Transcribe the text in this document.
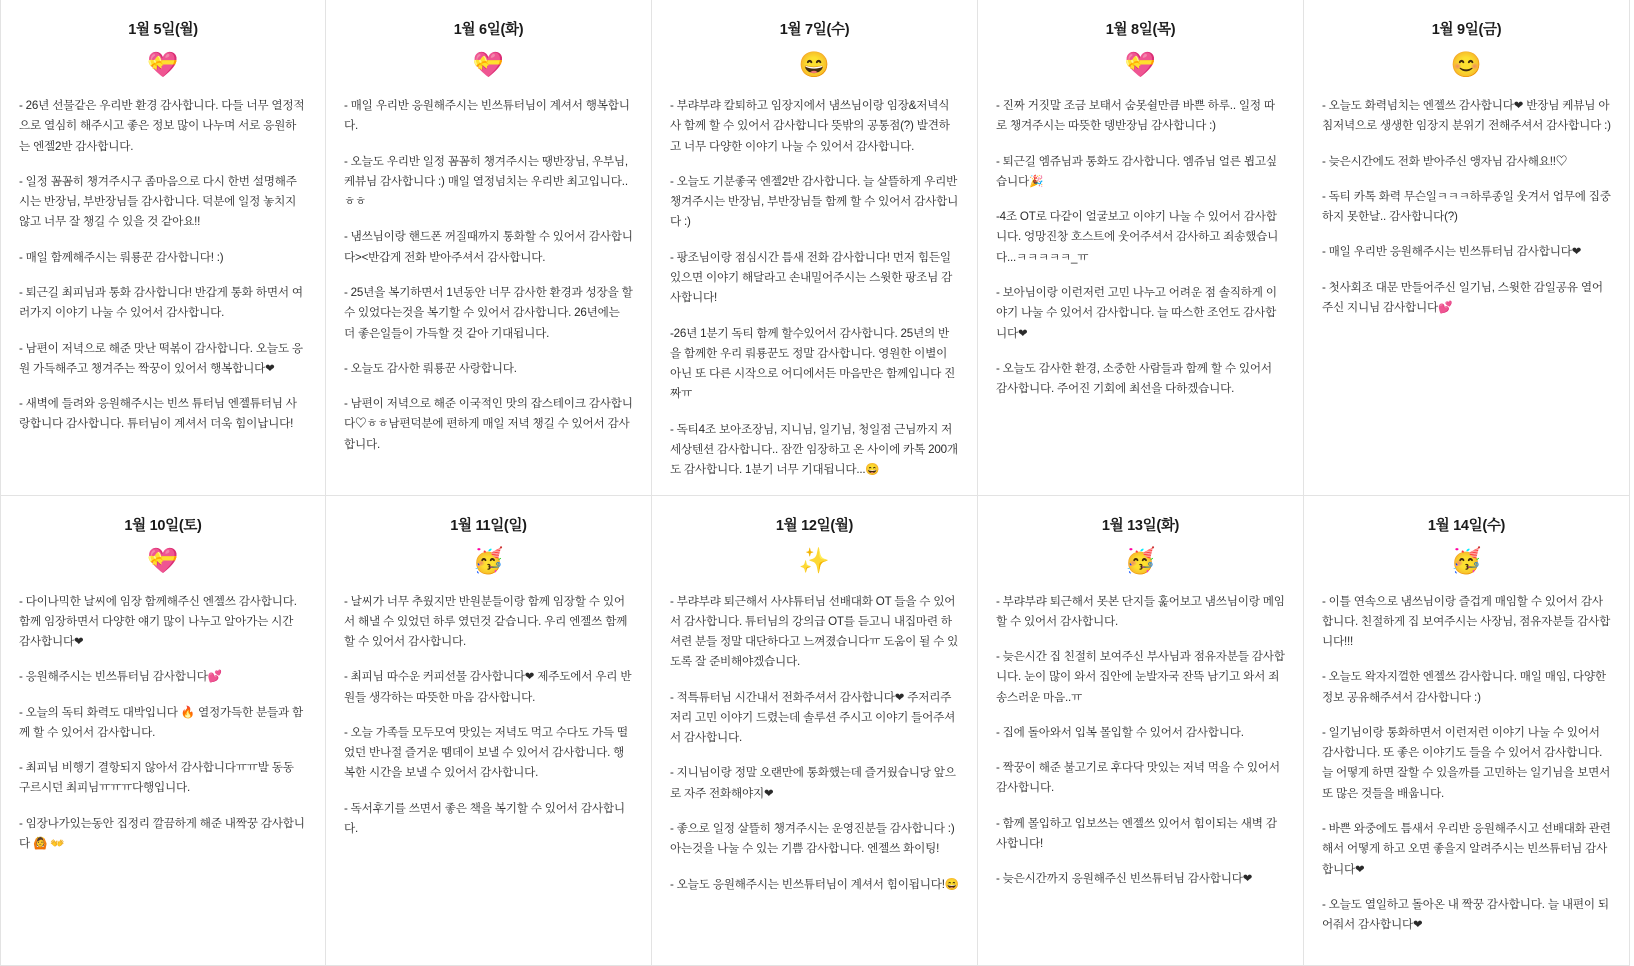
1월 5일(월)
💝

- 26년 선물같은 우리반 환경 감사합니다. 다들 너무 열정적으로 열심히 해주시고 좋은 정보 많이 나누며 서로 응원하는 엔젤2반 감사합니다.

- 일정 꼼꼼히 챙겨주시구 좀마음으로 다시 한번 설명해주시는 반장님, 부반장님들 감사합니다. 덕분에 일정 놓치지 않고 너무 잘 챙길 수 있을 것 같아요!!

- 매일 함께해주시는 뤄룡꾼 감사합니다! :)

- 퇴근길 최피님과 통화 감사합니다! 반갑게 통화 하면서 여러가지 이야기 나눌 수 있어서 감사합니다.

- 남편이 저녁으로 해준 맛난 떡볶이 감사합니다. 오늘도 응원 가득해주고 챙겨주는 짝꿍이 있어서 행복합니다❤

- 새벽에 들려와 응원해주시는 빈쓰 튜터님 엔젤튜터님 사랑합니다 감사합니다. 튜터님이 계셔서 더욱 힘이납니다!

1월 6일(화)
💝

- 매일 우리반 응원해주시는 빈쓰튜터님이 계셔서 행복합니다.

- 오늘도 우리반 일정 꼼꼼히 챙겨주시는 땡반장님, 우부님, 케뷰님 감사합니다 :) 매일 열정넘치는 우리반 최고입니다..ㅎㅎ

- 냄쓰님이랑 핸드폰 꺼질때까지 통화할 수 있어서 감사합니다><반갑게 전화 받아주셔서 감사합니다.

- 25년을 복기하면서 1년동안 너무 감사한 환경과 성장을 할 수 있었다는것을 복기할 수 있어서 감사합니다. 26년에는 더 좋은일들이 가득할 것 같아 기대됩니다.

- 오늘도 감사한 뤄룡꾼 사랑합니다.

- 남편이 저녁으로 해준 이국적인 맛의 잡스테이크 감사합니다♡ㅎㅎ남편덕분에 편하게 매일 저녁 챙길 수 있어서 감사합니다.

1월 7일(수)
😄

- 부랴부랴 칼퇴하고 임장지에서 냄쓰님이랑 임장&저녁식사 함께 할 수 있어서 감사합니다 뜻밖의 공통점(?) 발견하고 너무 다양한 이야기 나눌 수 있어서 감사합니다.

- 오늘도 기분좋국 엔젤2반 감사합니다. 늘 살뜰하게 우리반 챙겨주시는 반장님, 부반장님들 함께 할 수 있어서 감사합니다 :)

- 팡조님이랑 점심시간 틈새 전화 감사합니다! 먼저 힘든일 있으면 이야기 해달라고 손내밀어주시는 스윗한 팡조님 감사합니다!

-26년 1분기 독티 함께 할수있어서 감사합니다. 25년의 반을 함께한 우리 뤄룡꾼도 정말 감사합니다. 영원한 이별이 아닌 또 다른 시작으로 어디에서든 마음만은 함께입니다 진짜ㅠ

- 독티4조 보아조장님, 지니님, 일기님, 청일점 근님까지 저세상텐션 감사합니다.. 잠깐 임장하고 온 사이에 카톡 200개도 감사합니다. 1분기 너무 기대됩니다...😄

1월 8일(목)
💝

- 진짜 거짓말 조금 보태서 숨못쉴만큼 바쁜 하루.. 일정 따로 챙겨주시는 따뜻한 뎅반장님 감사합니다 :)

- 퇴근길 엠쥬님과 통화도 감사합니다. 엠쥬님 얼른 뵙고싶습니다🎉

-4조 OT로 다같이 얼굴보고 이야기 나눌 수 있어서 감사합니다. 엉망진창 호스트에 웃어주셔서 감사하고 죄송했습니다...ㅋㅋㅋㅋㅋ_ㅠ

- 보아님이랑 이런저런 고민 나누고 어려운 점 솔직하게 이야기 나눌 수 있어서 감사합니다. 늘 따스한 조언도 감사합니다❤

- 오늘도 감사한 환경, 소중한 사람들과 함께 할 수 있어서 감사합니다. 주어진 기회에 최선을 다하겠습니다.

1월 9일(금)
😊

- 오늘도 화력넘치는 엔젤쓰 감사합니다❤ 반장님 케뷰님 아침저녁으로 생생한 임장지 분위기 전해주셔서 감사합니다 :)

- 늦은시간에도 전화 받아주신 앵자님 감사해요!!♡

- 독티 카톡 화력 무슨일ㅋㅋㅋ하루종일 웃겨서 업무에 집중하지 못한날.. 감사합니다(?)

- 매일 우리반 응원해주시는 빈쓰튜터님 감사합니다❤

- 첫사회조 대문 만들어주신 일기님, 스윗한 감일공유 열어주신 지니님 감사합니다💕

1월 10일(토)
💝

- 다이나믹한 날씨에 임장 함께해주신 엔젤쓰 감사합니다. 함께 임장하면서 다양한 얘기 많이 나누고 알아가는 시간 감사합니다❤

- 응원해주시는 빈쓰튜터님 감사합니다💕

- 오늘의 독티 화력도 대박입니다 🔥 열정가득한 분들과 함께 할 수 있어서 감사합니다.

- 최피님 비행기 결항되지 않아서 감사합니다ㅠㅠ발 동동 구르시던 최피님ㅠㅠㅠ다행입니다.

- 임장나가있는동안 집정리 깔끔하게 해준 내짝꿍 감사합니다 🙆 👐

1월 11일(일)
🥳

- 날씨가 너무 추웠지만 반원분들이랑 함께 임장할 수 있어서 해낼 수 있었던 하루 였던것 같습니다. 우리 엔젤쓰 함께할 수 있어서 감사합니다.

- 최피님 따수운 커피선물 감사합니다❤ 제주도에서 우리 반원들 생각하는 따뜻한 마음 감사합니다.

- 오늘 가족들 모두모여 맛있는 저녁도 먹고 수다도 가득 떨었던 반나절 즐거운 뗌데이 보낼 수 있어서 감사합니다. 행복한 시간을 보낼 수 있어서 감사합니다.

- 독서후기를 쓰면서 좋은 책을 복기할 수 있어서 감사합니다.

1월 12일(월)
✨

- 부랴부랴 퇴근해서 사샤튜터님 선배대화 OT 들을 수 있어서 감사합니다. 튜터님의 강의급 OT를 듣고니 내집마련 하셔련 분들 정말 대단하다고 느껴졌습니다ㅠ 도움이 될 수 있도록 잘 준비해야겠습니다.

- 적특튜터님 시간내서 전화주셔서 감사합니다❤ 주저리주저리 고민 이야기 드렸는데 솔루션 주시고 이야기 들어주셔서 감사합니다.

- 지니님이랑 정말 오랜만에 통화했는데 즐거웠습니당 앞으로 자주 전화해야지❤

- 좋으로 일정 살뜰히 챙겨주시는 운영진분들 감사합니다 :) 아는것을 나눌 수 있는 기쁨 감사합니다. 엔젤쓰 화이팅!

- 오늘도 응원해주시는 빈쓰튜터님이 계셔서 힘이됩니다!😄

1월 13일(화)
🥳

- 부랴부랴 퇴근해서 못본 단지들 훑어보고 냄쓰님이랑 메임 할 수 있어서 감사합니다.

- 늦은시간 집 친절히 보여주신 부사님과 점유자분들 감사합니다. 눈이 많이 와서 집안에 눈발자국 잔뜩 남기고 와서 죄송스러운 마음..ㅠ

- 집에 돌아와서 입복 몰입할 수 있어서 감사합니다.

- 짝꿍이 해준 불고기로 후다닥 맛있는 저녁 먹을 수 있어서 감사합니다.

- 함께 몰입하고 입보쓰는 엔젤쓰 있어서 힘이되는 새벽 감사합니다!

- 늦은시간까지 응원해주신 빈쓰튜터님 감사합니다❤

1월 14일(수)
🥳

- 이틀 연속으로 냄쓰님이랑 즐겁게 매임할 수 있어서 감사합니다. 친절하게 집 보여주시는 사장님, 점유자분들 감사합니다!!!

- 오늘도 왁자지껄한 엔젤쓰 감사합니다. 매일 매임, 다양한 정보 공유해주셔서 감사합니다 :)

- 일기님이랑 통화하면서 이런저런 이야기 나눌 수 있어서 감사합니다. 또 좋은 이야기도 들을 수 있어서 감사합니다. 늘 어떻게 하면 잘할 수 있을까를 고민하는 일기님을 보면서 또 많은 것들을 배웁니다.

- 바쁜 와중에도 틈새서 우리반 응원해주시고 선배대화 관련해서 어떻게 하고 오면 좋을지 알려주시는 빈쓰튜터님 감사합니다❤

- 오늘도 열일하고 돌아온 내 짝꿍 감사합니다. 늘 내편이 되어줘서 감사합니다❤
